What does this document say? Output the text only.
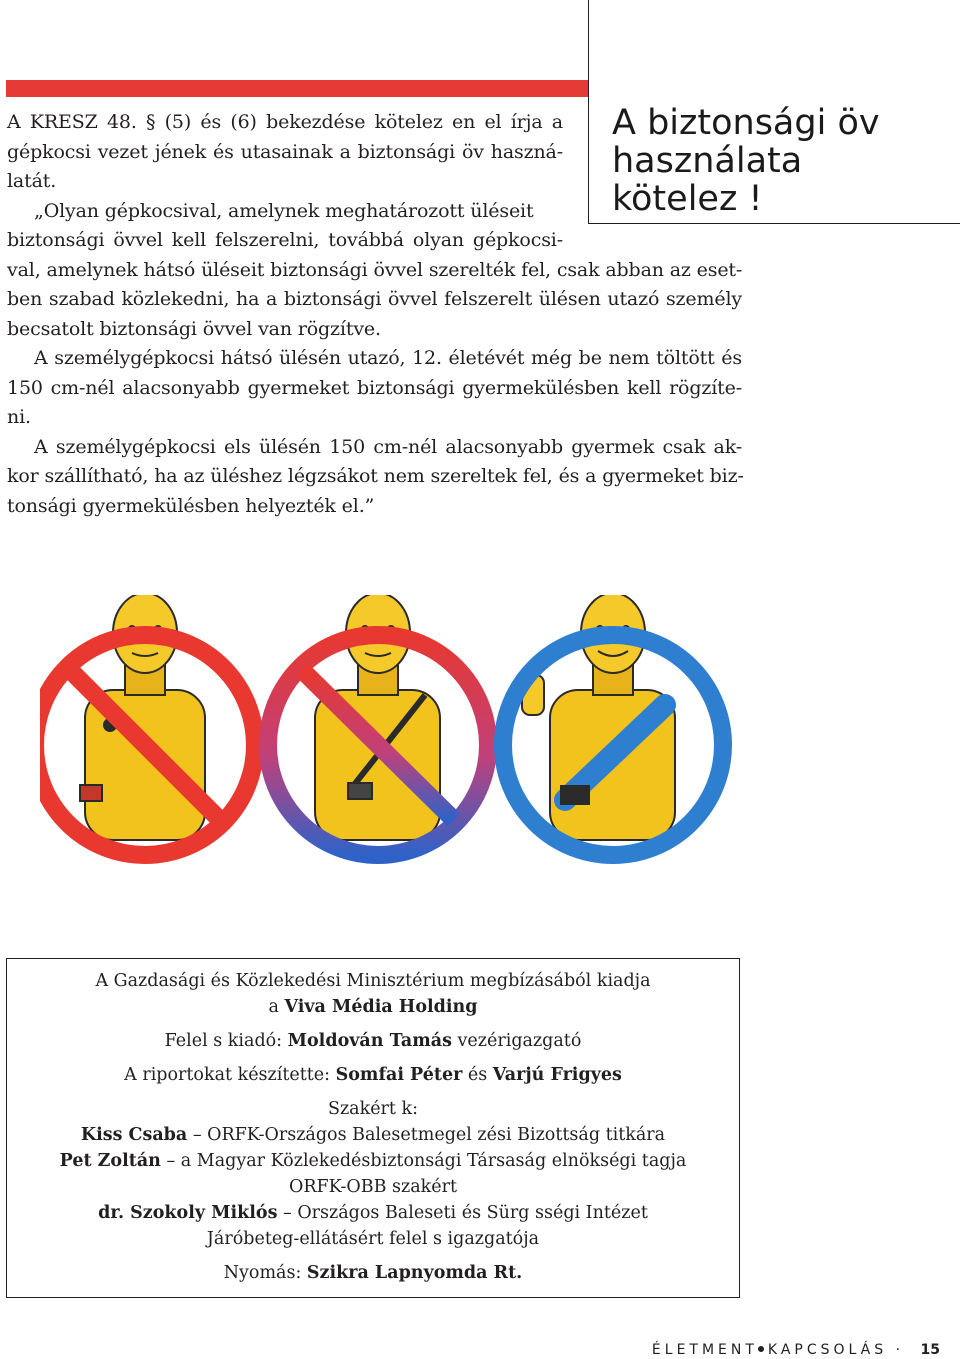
A biztonsági öv
használata
kötelez !
A KRESZ 48. § (5) és (6) bekezdése kötelez en el írja a
gépkocsi vezet jének és utasainak a biztonsági öv haszná-
latát.
„Olyan gépkocsival, amelynek meghatározott üléseit
biztonsági övvel kell felszerelni, továbbá olyan gépkocsi-
val, amelynek hátsó üléseit biztonsági övvel szerelték fel, csak abban az eset-
ben szabad közlekedni, ha a biztonsági övvel felszerelt ülésen utazó személy
becsatolt biztonsági övvel van rögzítve.
A személygépkocsi hátsó ülésén utazó, 12. életévét még be nem töltött és
150 cm-nél alacsonyabb gyermeket biztonsági gyermekülésben kell rögzíte-
ni.
A személygépkocsi els ülésén 150 cm-nél alacsonyabb gyermek csak ak-
kor szállítható, ha az üléshez légzsákot nem szereltek fel, és a gyermeket biz-
tonsági gyermekülésben helyezték el.”
A Gazdasági és Közlekedési Minisztérium megbízásából kiadja
a Viva Média Holding
Felel s kiadó: Moldován Tamás vezérigazgató
A riportokat készítette: Somfai Péter és Varjú Frigyes
Szakért k:
Kiss Csaba – ORFK-Országos Balesetmegel zési Bizottság titkára
Pet Zoltán – a Magyar Közlekedésbiztonsági Társaság elnökségi tagja
ORFK-OBB szakért
dr. Szokoly Miklós – Országos Baleseti és Sürg sségi Intézet
Járóbeteg-ellátásért felel s igazgatója
Nyomás: Szikra Lapnyomda Rt.
ÉLETMENT KAPCSOLÁS · 15
